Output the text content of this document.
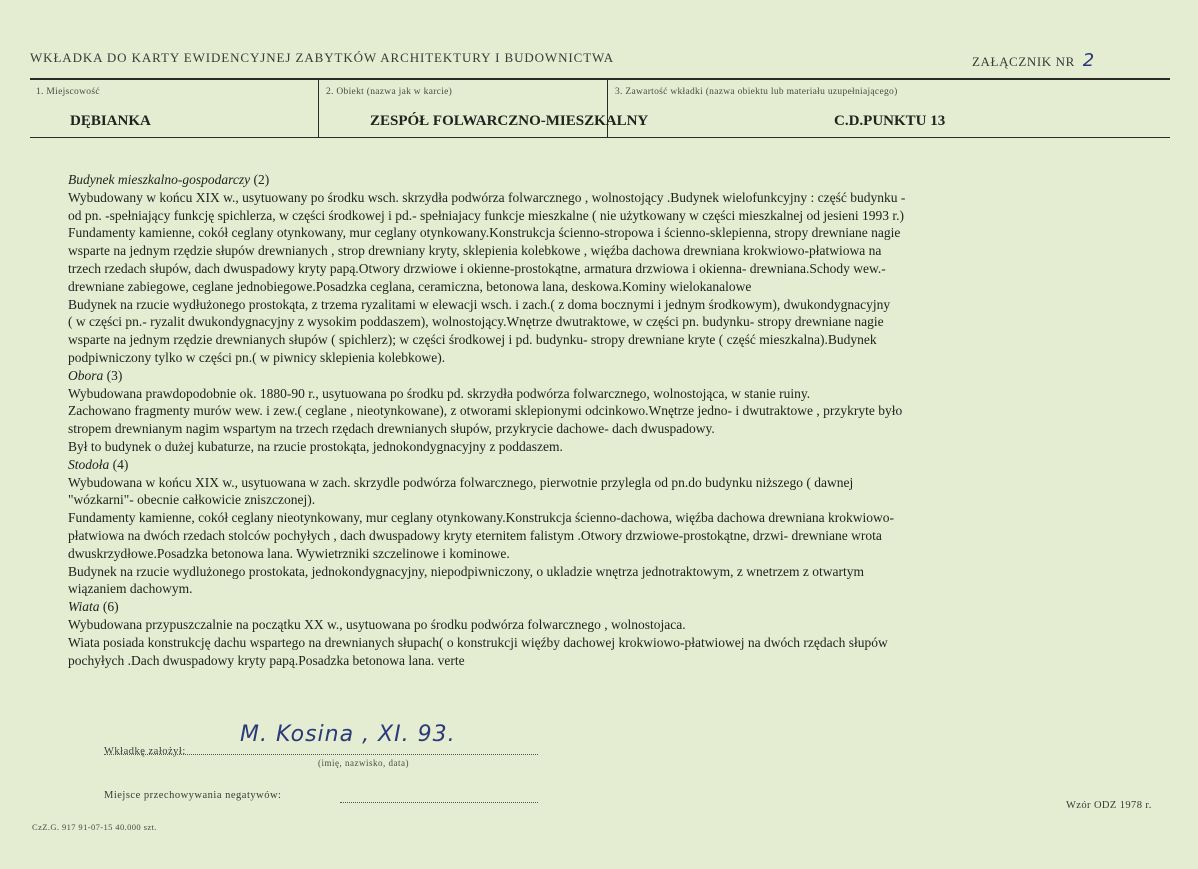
WKŁADKA DO KARTY EWIDENCYJNEJ ZABYTKÓW ARCHITEKTURY I BUDOWNICTWA	ZAŁĄCZNIK NR 2
1. Miejscowość	2. Obiekt (nazwa jak w karcie)	3. Zawartość wkładki (nazwa obiektu lub materiału uzupełniającego)
DĘBIANKA	ZESPÓŁ FOLWARCZNO-MIESZKALNY	C.D.PUNKTU 13
Budynek mieszkalno-gospodarczy (2)
Wybudowany w końcu XIX w., usytuowany po środku wsch. skrzydła podwórza folwarcznego , wolnostojący .Budynek wielofunkcyjny : część budynku -
od pn. -spełniający funkcję spichlerza, w części środkowej i pd.- spełniajacy funkcje mieszkalne ( nie użytkowany w części mieszkalnej od jesieni 1993 r.)
Fundamenty kamienne, cokół ceglany otynkowany, mur ceglany otynkowany.Konstrukcja ścienno-stropowa i ścienno-sklepienna, stropy drewniane nagie
wsparte na jednym rzędzie słupów drewnianych , strop drewniany kryty, sklepienia kolebkowe , więźba dachowa drewniana krokwiowo-płatwiowa na
trzech rzedach słupów, dach dwuspadowy kryty papą.Otwory drzwiowe i okienne-prostokątne, armatura drzwiowa i okienna- drewniana.Schody wew.-
drewniane zabiegowe, ceglane jednobiegowe.Posadzka ceglana, ceramiczna, betonowa lana, deskowa.Kominy wielokanalowe
Budynek na rzucie wydłużonego prostokąta, z trzema ryzalitami w elewacji wsch. i zach.( z doma bocznymi i jednym środkowym), dwukondygnacyjny
( w części pn.- ryzalit dwukondygnacyjny z wysokim poddaszem), wolnostojący.Wnętrze dwutraktowe, w części pn. budynku- stropy drewniane nagie
wsparte na jednym rzędzie drewnianych słupów ( spichlerz); w części środkowej i pd. budynku- stropy drewniane kryte ( część mieszkalna).Budynek
podpiwniczony tylko w części pn.( w piwnicy sklepienia kolebkowe).
Obora (3)
Wybudowana prawdopodobnie ok. 1880-90 r., usytuowana po środku pd. skrzydła podwórza folwarcznego, wolnostojąca, w stanie ruiny.
Zachowano fragmenty murów wew. i zew.( ceglane , nieotynkowane), z otworami sklepionymi odcinkowo.Wnętrze jedno- i dwutraktowe , przykryte było
stropem drewnianym nagim wspartym na trzech rzędach drewnianych słupów, przykrycie dachowe- dach dwuspadowy.
Był to budynek o dużej kubaturze, na rzucie prostokąta, jednokondygnacyjny z poddaszem.
Stodoła (4)
Wybudowana w końcu XIX w., usytuowana w zach. skrzydle podwórza folwarcznego, pierwotnie przylegla od pn.do budynku niższego ( dawnej
"wózkarni"- obecnie całkowicie zniszczonej).
Fundamenty kamienne, cokół ceglany nieotynkowany, mur ceglany otynkowany.Konstrukcja ścienno-dachowa, więźba dachowa drewniana krokwiowo-
płatwiowa na dwóch rzedach stolców pochyłych , dach dwuspadowy kryty eternitem falistym .Otwory drzwiowe-prostokątne, drzwi- drewniane wrota
dwuskrzydłowe.Posadzka betonowa lana. Wywietrzniki szczelinowe i kominowe.
Budynek na rzucie wydlużonego prostokata, jednokondygnacyjny, niepodpiwniczony, o ukladzie wnętrza jednotraktowym, z wnetrzem z otwartym
wiązaniem dachowym.
Wiata (6)
Wybudowana przypuszczalnie na początku XX w., usytuowana po środku podwórza folwarcznego , wolnostojaca.
Wiata posiada konstrukcję dachu wspartego na drewnianych słupach( o konstrukcji więźby dachowej krokwiowo-płatwiowej na dwóch rzędach słupów
pochyłych .Dach dwuspadowy kryty papą.Posadzka betonowa lana. verte
Wkładkę założył:
M. Kosina , XI. 93.
(imię, nazwisko, data)
Miejsce przechowywania negatywów:
Wzór ODZ 1978 r.
CzZ.G. 917 91-07-15 40.000 szt.
